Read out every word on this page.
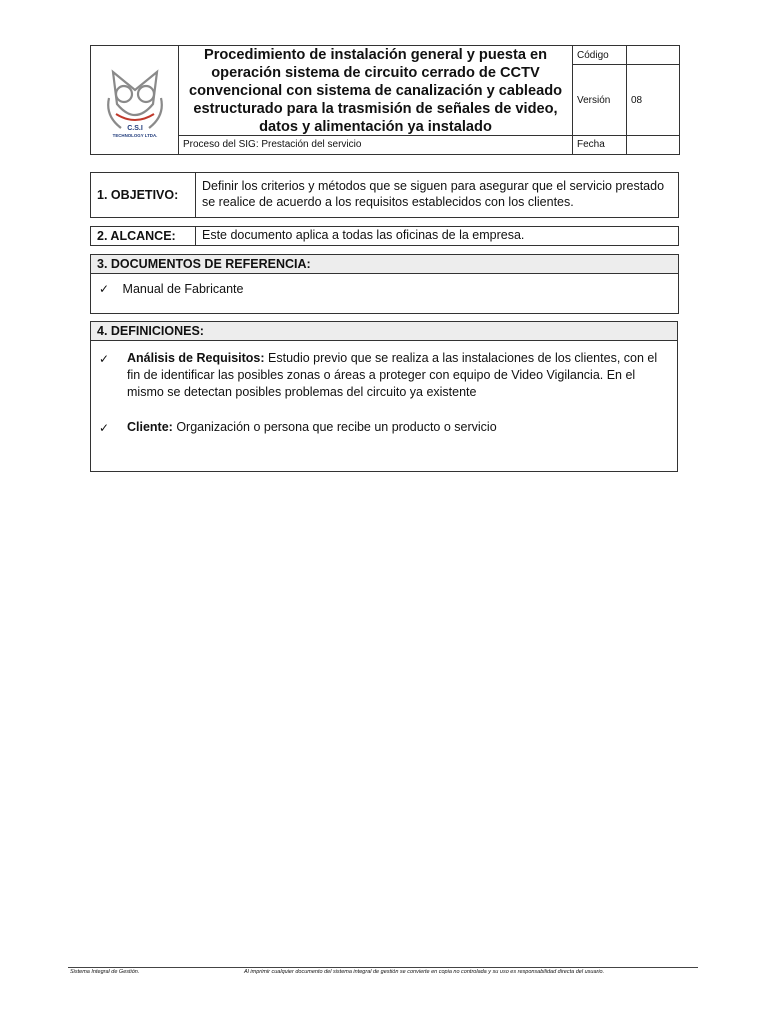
C.S.I
TECHNOLOGY LTDA.
Procedimiento de instalación general y puesta en operación sistema de circuito cerrado de CCTV convencional con sistema de canalización y cableado estructurado para la trasmisión de señales de video, datos y alimentación ya instalado
Proceso del SIG: Prestación del servicio
Código
Versión	08
Fecha
1. OBJETIVO:
Definir los criterios y métodos que se siguen para asegurar que el servicio prestado se realice de acuerdo a los requisitos establecidos con los clientes.
2. ALCANCE:	Este documento aplica a todas las oficinas de la empresa.
3. DOCUMENTOS DE REFERENCIA:
✓ Manual de Fabricante
4. DEFINICIONES:
✓ Análisis de Requisitos: Estudio previo que se realiza a las instalaciones de los clientes, con el fin de identificar las posibles zonas o áreas a proteger con equipo de Video Vigilancia. En el mismo se detectan posibles problemas del circuito ya existente
✓ Cliente: Organización o persona que recibe un producto o servicio
Sistema Integral de Gestión.	Al imprimir cualquier documento del sistema integral de gestión se convierte en copia no controlada y su uso es responsabilidad directa del usuario.
